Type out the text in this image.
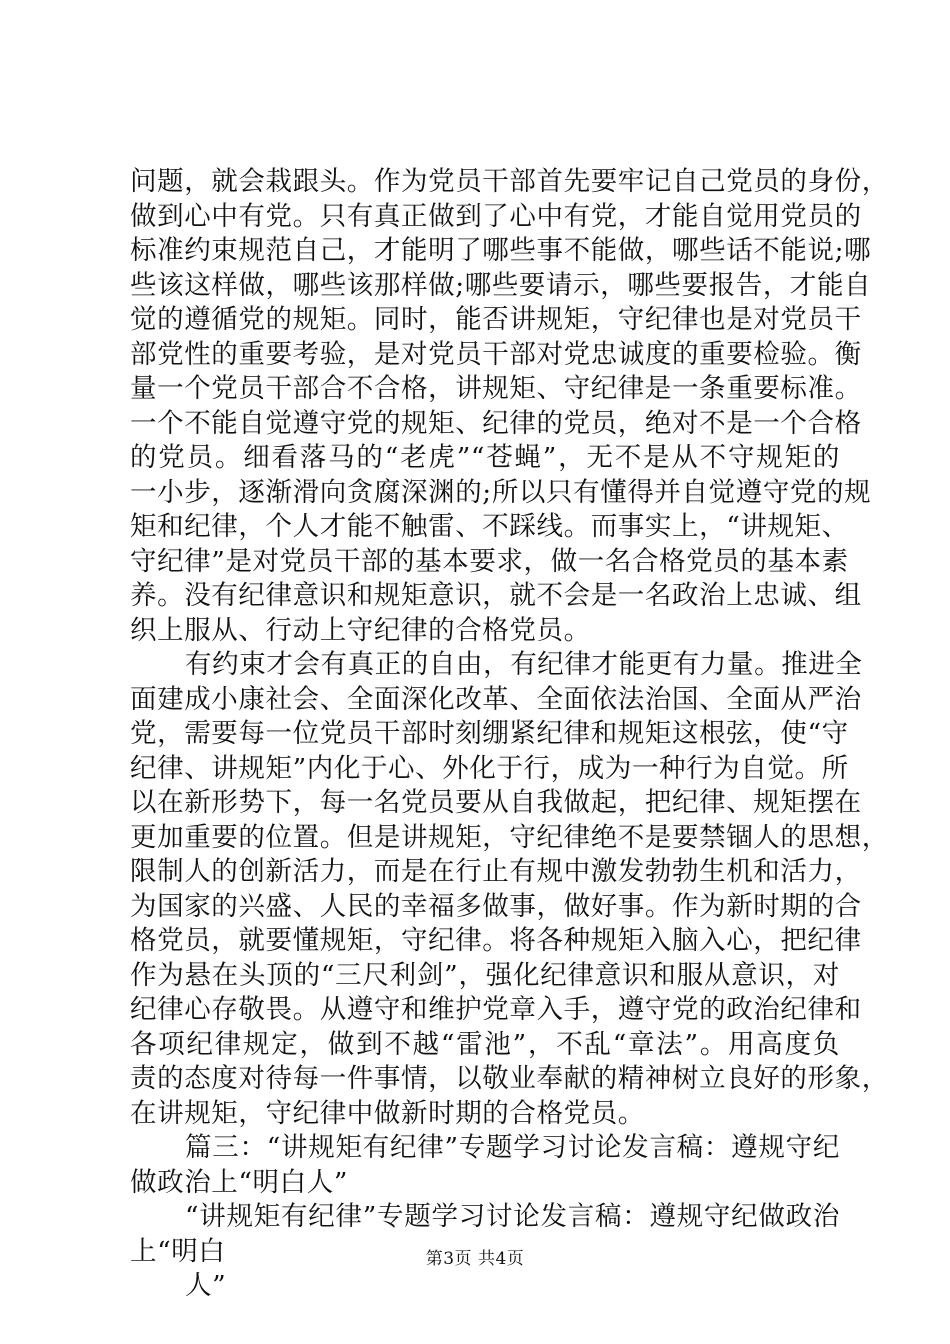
问题，就会栽跟头。作为党员干部首先要牢记自己党员的身份，
做到心中有党。只有真正做到了心中有党，才能自觉用党员的
标准约束规范自己，才能明了哪些事不能做，哪些话不能说;哪
些该这样做，哪些该那样做;哪些要请示，哪些要报告，才能自
觉的遵循党的规矩。同时，能否讲规矩，守纪律也是对党员干
部党性的重要考验，是对党员干部对党忠诚度的重要检验。衡
量一个党员干部合不合格，讲规矩、守纪律是一条重要标准。
一个不能自觉遵守党的规矩、纪律的党员，绝对不是一个合格
的党员。细看落马的“老虎”“苍蝇”，无不是从不守规矩的
一小步，逐渐滑向贪腐深渊的;所以只有懂得并自觉遵守党的规
矩和纪律，个人才能不触雷、不踩线。而事实上，“讲规矩、
守纪律”是对党员干部的基本要求，做一名合格党员的基本素
养。没有纪律意识和规矩意识，就不会是一名政治上忠诚、组
织上服从、行动上守纪律的合格党员。
有约束才会有真正的自由，有纪律才能更有力量。推进全
面建成小康社会、全面深化改革、全面依法治国、全面从严治
党，需要每一位党员干部时刻绷紧纪律和规矩这根弦，使“守
纪律、讲规矩”内化于心、外化于行，成为一种行为自觉。所
以在新形势下，每一名党员要从自我做起，把纪律、规矩摆在
更加重要的位置。但是讲规矩，守纪律绝不是要禁锢人的思想，
限制人的创新活力，而是在行止有规中激发勃勃生机和活力，
为国家的兴盛、人民的幸福多做事，做好事。作为新时期的合
格党员，就要懂规矩，守纪律。将各种规矩入脑入心，把纪律
作为悬在头顶的“三尺利剑”，强化纪律意识和服从意识，对
纪律心存敬畏。从遵守和维护党章入手，遵守党的政治纪律和
各项纪律规定，做到不越“雷池”，不乱“章法”。用高度负
责的态度对待每一件事情，以敬业奉献的精神树立良好的形象，
在讲规矩，守纪律中做新时期的合格党员。
篇三：“讲规矩有纪律”专题学习讨论发言稿：遵规守纪
做政治上“明白人”
“讲规矩有纪律”专题学习讨论发言稿：遵规守纪做政治
上“明白
人”
第3页 共4页
